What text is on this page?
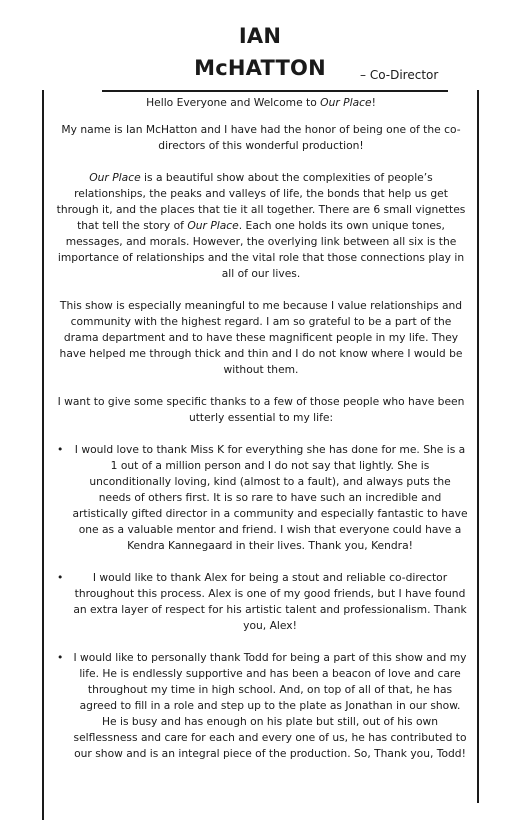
IAN
McHATTON	– Co-Director

Hello Everyone and Welcome to Our Place!

My name is Ian McHatton and I have had the honor of being one of the co-directors of this wonderful production!

Our Place is a beautiful show about the complexities of people’s relationships, the peaks and valleys of life, the bonds that help us get through it, and the places that tie it all together. There are 6 small vignettes that tell the story of Our Place. Each one holds its own unique tones, messages, and morals. However, the overlying link between all six is the importance of relationships and the vital role that those connections play in all of our lives.

This show is especially meaningful to me because I value relationships and community with the highest regard. I am so grateful to be a part of the drama department and to have these magnificent people in my life. They have helped me through thick and thin and I do not know where I would be without them.

I want to give some specific thanks to a few of those people who have been utterly essential to my life:

• I would love to thank Miss K for everything she has done for me. She is a 1 out of a million person and I do not say that lightly. She is unconditionally loving, kind (almost to a fault), and always puts the needs of others first. It is so rare to have such an incredible and artistically gifted director in a community and especially fantastic to have one as a valuable mentor and friend. I wish that everyone could have a Kendra Kannegaard in their lives. Thank you, Kendra!
•	I would like to thank Alex for being a stout and reliable co-director throughout this process. Alex is one of my good friends, but I have found an extra layer of respect for his artistic talent and professionalism. Thank you, Alex!
• I would like to personally thank Todd for being a part of this show and my life. He is endlessly supportive and has been a beacon of love and care throughout my time in high school. And, on top of all of that, he has agreed to fill in a role and step up to the plate as Jonathan in our show. He is busy and has enough on his plate but still, out of his own selflessness and care for each and every one of us, he has contributed to our show and is an integral piece of the production. So, Thank you, Todd!
